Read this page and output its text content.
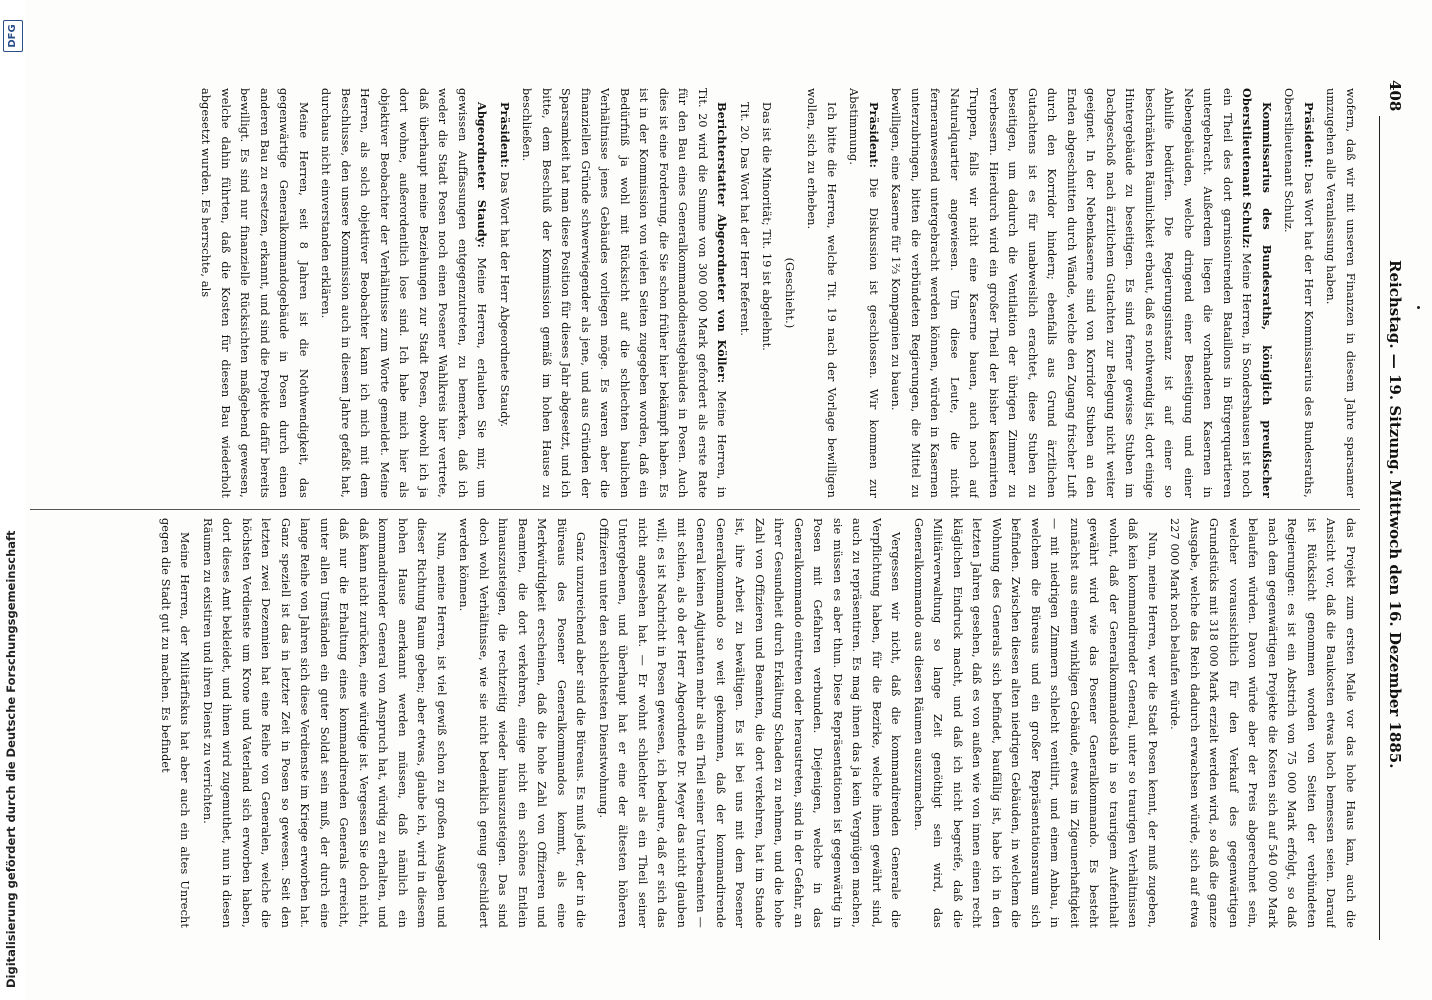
408
Reichstag. — 19. Sitzung. Mittwoch den 16. Dezember 1885.

wofern, daß wir mit unseren Finanzen in diesem Jahre sparsamer umzugehen alle Veranlassung haben.

Präsident: Das Wort hat der Herr Kommissarius des Bundesraths, Oberstlieutenant Schulz.

Kommissarius des Bundesraths, königlich preußischer Oberstlieutenant Schulz: Meine Herren, in Sondershausen ist noch ein Theil des dort garnisonirenden Bataillons in Bürgerquartieren untergebracht. Außerdem liegen die vorhandenen Kasernen in Nebengebäuden, welche dringend einer Beseitigung und einer Abhilfe bedürfen. Die Regierungsinstanz ist auf einer so beschränkten Räumlichkeit erbaut, daß es nothwendig ist, dort einige Hintergebäude zu beseitigen. Es sind ferner gewisse Stuben im Dachgeschoß nach ärztlichem Gutachten zur Belegung nicht weiter geeignet. In der Nebenkaserne sind von Korridor Stuben an den Enden abgeschnitten durch Wände, welche den Zugang frischer Luft durch den Korridor hindern; ebenfalls aus Grund ärztlichen Gutachtens ist es für unabweislich erachtet, diese Stuben zu beseitigen, um dadurch die Ventilation der übrigen Zimmer zu verbessern. Hierdurch wird ein großer Theil der bisher kasernirten Truppen, falls wir nicht eine Kaserne bauen, auch noch auf Naturalquartier angewiesen. Um diese Leute, die nicht ferneranwesend untergebracht werden können, würden in Kasernen unterzubringen, bitten die verbündeten Regierungen, die Mittel zu bewilligen, eine Kaserne für 1⅔ Kompagnien zu bauen.

Präsident: Die Diskussion ist geschlossen. Wir kommen zur Abstimmung.

Ich bitte die Herren, welche Tit. 19 nach der Vorlage bewilligen wollen, sich zu erheben.

(Geschieht.)

Das ist die Minorität; Tit. 19 ist abgelehnt.

Tit. 20. Das Wort hat der Herr Referent.

Berichterstatter Abgeordneter von Köller: Meine Herren, in Tit. 20 wird die Summe von 300 000 Mark gefordert als erste Rate für den Bau eines Generalkommandodienstgebäudes in Posen. Auch dies ist eine Forderung, die Sie schon früher hier bekämpft haben. Es ist in der Kommission von vielen Seiten zugegeben worden, daß ein Bedürfniß ja wohl mit Rücksicht auf die schlechten baulichen Verhältnisse jenes Gebäudes vorliegen möge. Es waren aber die finanziellen Gründe schwerwiegender als jene, und aus Gründen der Sparsamkeit hat man diese Position für dieses Jahr abgesetzt, und ich bitte, dem Beschluß der Kommission gemäß im hohen Hause zu beschließen.

Präsident: Das Wort hat der Herr Abgeordnete Staudy.

Abgeordneter Staudy: Meine Herren, erlauben Sie mir, um gewissen Auffassungen entgegenzutreten, zu bemerken, daß ich weder die Stadt Posen noch einen Posener Wahlkreis hier vertrete, daß überhaupt meine Beziehungen zur Stadt Posen, obwohl ich ja dort wohne, außerordentlich lose sind. Ich habe mich hier als objektiver Beobachter der Verhältnisse zum Worte gemeldet. Meine Herren, als solch objektiver Beobachter kann ich mich mit dem Beschlusse, den unsere Kommission auch in diesem Jahre gefaßt hat, durchaus nicht einverstanden erklären.

Meine Herren, seit 8 Jahren ist die Nothwendigkeit, das gegenwärtige Generalkommandogebäude in Posen durch einen anderen Bau zu ersetzen, erkannt, und sind die Projekte dafür bereits bewilligt. Es sind nur finanzielle Rücksichten maßgebend gewesen, welche dahin führten, daß die Kosten für diesen Bau wiederholt abgesetzt wurden. Es herrschte, als

das Projekt zum ersten Male vor das hohe Haus kam, auch die Ansicht vor, daß die Baukosten etwas hoch bemessen seien. Darauf ist Rücksicht genommen worden von Seiten der verbündeten Regierungen: es ist ein Abstrich von 75 000 Mark erfolgt, so daß nach dem gegenwärtigen Projekte die Kosten sich auf 540 000 Mark belaufen würden. Davon würde aber der Preis abgerechnet sein, welcher voraussichtlich für den Verkauf des gegenwärtigen Grundstücks mit 318 000 Mark erzielt werden wird, so daß die ganze Ausgabe, welche das Reich dadurch erwachsen würde, sich auf etwa 227 000 Mark noch belaufen würde.

Nun, meine Herren, wer die Stadt Posen kennt, der muß zugeben, daß kein kommandirender General, unter so traurigen Verhältnissen wohnt, daß der Generalkommandostab in so traurigem Aufenthalt gewährt wird wie das Posener Generalkommando. Es besteht zunächst aus einem winkligen Gebäude, etwas im Zigeunerhaftigkeit — mit niedrigen Zimmern schlecht ventilirt, und einem Anbau, in welchem die Büreaus und ein großer Repräsentationsraum sich befinden. Zwischen diesen alten niedrigen Gebäuden, in welchem die Wohnung des Generals sich befindet, baufällig ist, habe ich in den letzten Jahren gesehen, daß es von außen wie von innen einen recht kläglichen Eindruck macht, und daß ich nicht begreife, daß die Militärverwaltung so lange Zeit genöthigt sein wird, das Generalkommando aus diesen Räumen auszumachen.

Vergessen wir nicht, daß die kommandirenden Generale die Verpflichtung haben, für die Bezirke, welche ihnen gewährt sind, auch zu repräsentiren. Es mag ihnen das ja kein Vergnügen machen, sie müssen es aber thun. Diese Repräsentationen ist gegenwärtig in Posen mit Gefahren verbunden. Diejenigen, welche in das Generalkommando eintreten oder heraustreten, sind in der Gefahr, an ihrer Gesundheit durch Erkältung Schaden zu nehmen, und die hohe Zahl von Offizieren und Beamten, die dort verkehren, hat im Stande ist, ihre Arbeit zu bewältigen. Es ist bei uns mit dem Posener Generalkommando so weit gekommen, daß der kommandirende General keinen Adjutanten mehr als ein Theil seiner Unterbeamten — mit schien, als ob der Herr Abgeordnete Dr. Meyer das nicht glauben will; es ist Nachricht in Posen gewesen, ich bedaure, daß er sich das nicht angesehen hat. — Er wohnt schlechter als ein Theil seiner Untergebenen, und überhaupt hat er eine der ältesten höheren Offizieren unter den schlechtesten Dienstwohnung.

Ganz unzureichend aber sind die Büreaus. Es muß jeder, der in die Büreaus des Posener Generalkommandos kommt, als eine Merkwürdigkeit erscheinen, daß die hohe Zahl von Offizieren und Beamten, die dort verkehren, einige nicht ein schönes Entlein hinauszusteigen, die rechtzeitig wieder hinauszusteigen. Das sind doch wohl Verhältnisse, wie sie nicht bedenklich genug geschildert werden können.

Nun, meine Herren, ist viel gewiß schon zu großen Ausgaben und dieser Richtung Raum geben; aber etwas, glaube ich, wird in diesem hohen Hause anerkannt werden müssen, daß nämlich ein kommandirender General von Anspruch hat, würdig zu erhalten, und daß kann nicht zurücken, eine würdige ist. Vergessen Sie doch nicht, daß nur die Erhaltung eines kommandirenden Generals erreicht, unter allen Umständen ein guter Soldat sein muß, der durch eine lange Reihe von Jahren sich diese Verdienste im Kriege erworben hat. Ganz speziell ist das in letzter Zeit in Posen so gewesen. Seit den letzten zwei Dezennien hat eine Reihe von Generalen, welche die höchsten Verdienste um Krone und Vaterland sich erworben haben, dort dieses Amt bekleidet, und ihnen wird zugemuthet, nun in diesen Räumen zu existiren und ihren Dienst zu verrichten.

Meine Herren, der Militärfiskus hat aber auch ein altes Unrecht gegen die Stadt gut zu machen. Es befindet

Digitalisierung gefördert durch die Deutsche Forschungsgemeinschaft
DFG
